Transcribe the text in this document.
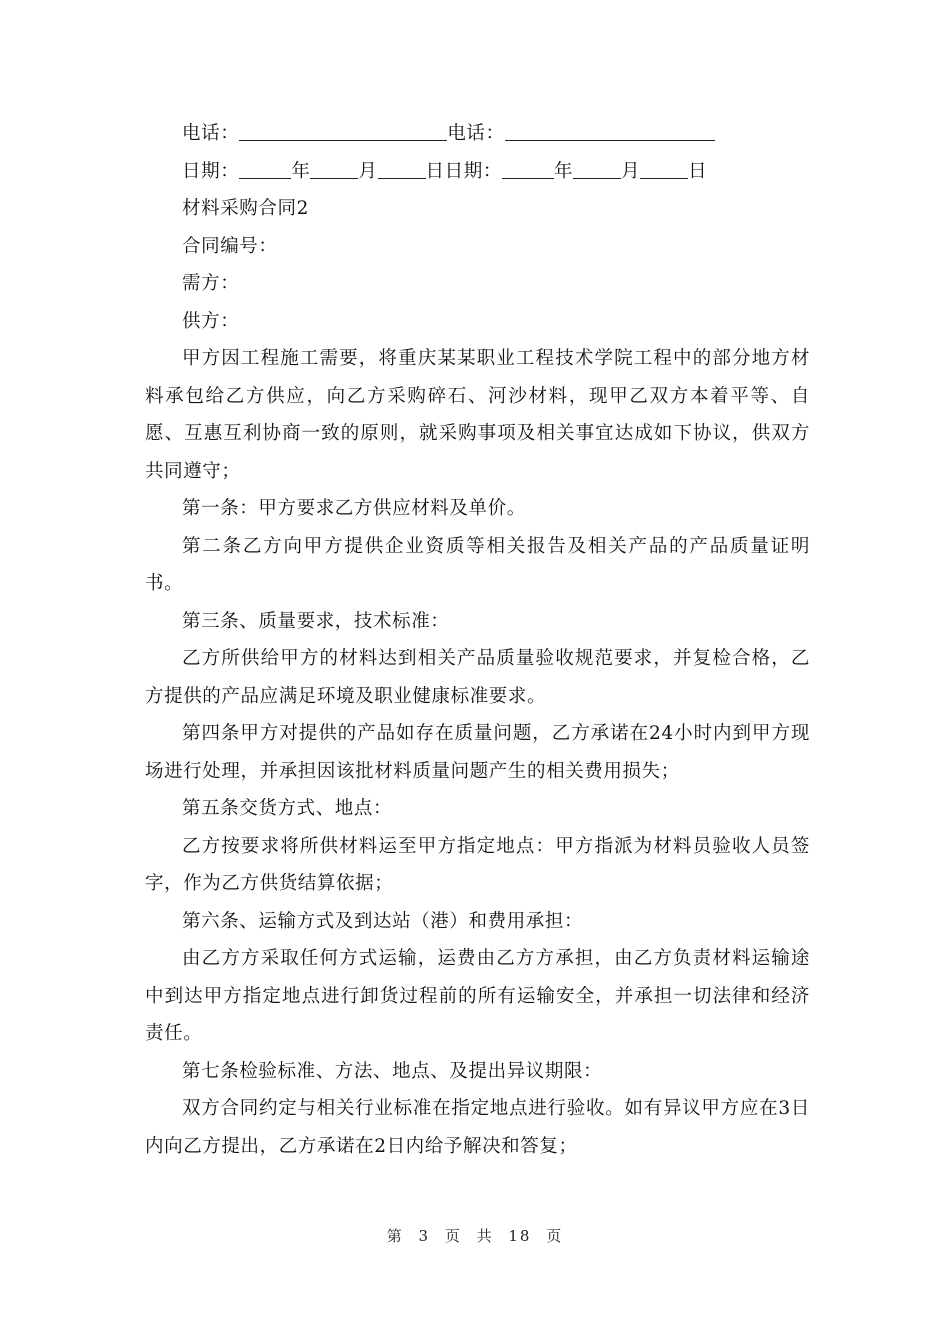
电话：	电话：
日期：	年	月	日日期：	年	月	日
材料采购合同2
合同编号：
需方：
供方：
甲方因工程施工需要，将重庆某某职业工程技术学院工程中的部分地方材料承包给乙方供应，向乙方采购碎石、河沙材料，现甲乙双方本着平等、自愿、互惠互利协商一致的原则，就采购事项及相关事宜达成如下协议，供双方共同遵守；
第一条：甲方要求乙方供应材料及单价。
第二条乙方向甲方提供企业资质等相关报告及相关产品的产品质量证明书。
第三条、质量要求，技术标准：
乙方所供给甲方的材料达到相关产品质量验收规范要求，并复检合格，乙方提供的产品应满足环境及职业健康标准要求。
第四条甲方对提供的产品如存在质量问题，乙方承诺在24小时内到甲方现场进行处理，并承担因该批材料质量问题产生的相关费用损失；
第五条交货方式、地点：
乙方按要求将所供材料运至甲方指定地点：甲方指派为材料员验收人员签字，作为乙方供货结算依据；
第六条、运输方式及到达站（港）和费用承担：
由乙方方采取任何方式运输，运费由乙方方承担，由乙方负责材料运输途中到达甲方指定地点进行卸货过程前的所有运输安全，并承担一切法律和经济责任。
第七条检验标准、方法、地点、及提出异议期限：
双方合同约定与相关行业标准在指定地点进行验收。如有异议甲方应在3日内向乙方提出，乙方承诺在2日内给予解决和答复；
第 3 页 共 18 页
